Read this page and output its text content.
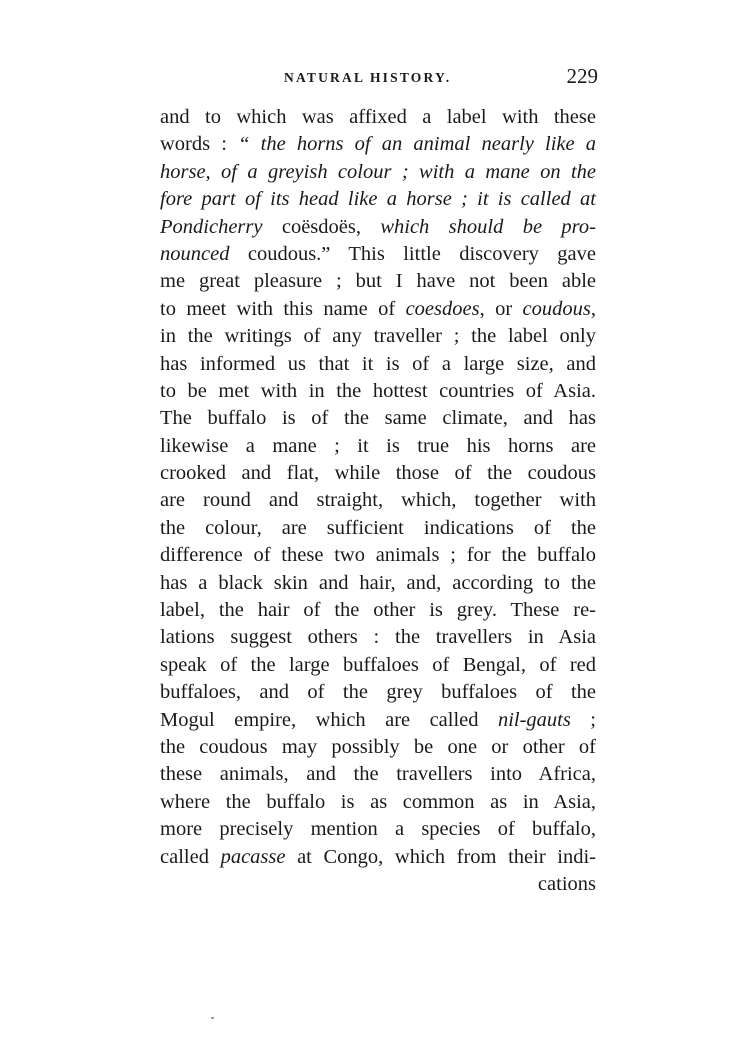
NATURAL HISTORY.	229
and to which was affixed a label with these
words : “ the horns of an animal nearly like a
horse, of a greyish colour ; with a mane on the
fore part of its head like a horse ; it is called at
Pondicherry coësdoës, which should be pro-
nounced coudous.” This little discovery gave
me great pleasure ; but I have not been able
to meet with this name of coesdoes, or coudous,
in the writings of any traveller ; the label only
has informed us that it is of a large size, and
to be met with in the hottest countries of Asia.
The buffalo is of the same climate, and has
likewise a mane ; it is true his horns are
crooked and flat, while those of the coudous
are round and straight, which, together with
the colour, are sufficient indications of the
difference of these two animals ; for the buffalo
has a black skin and hair, and, according to the
label, the hair of the other is grey. These re-
lations suggest others : the travellers in Asia
speak of the large buffaloes of Bengal, of red
buffaloes, and of the grey buffaloes of the
Mogul empire, which are called nil-gauts ;
the coudous may possibly be one or other of
these animals, and the travellers into Africa,
where the buffalo is as common as in Asia,
more precisely mention a species of buffalo,
called pacasse at Congo, which from their indi-
cations
